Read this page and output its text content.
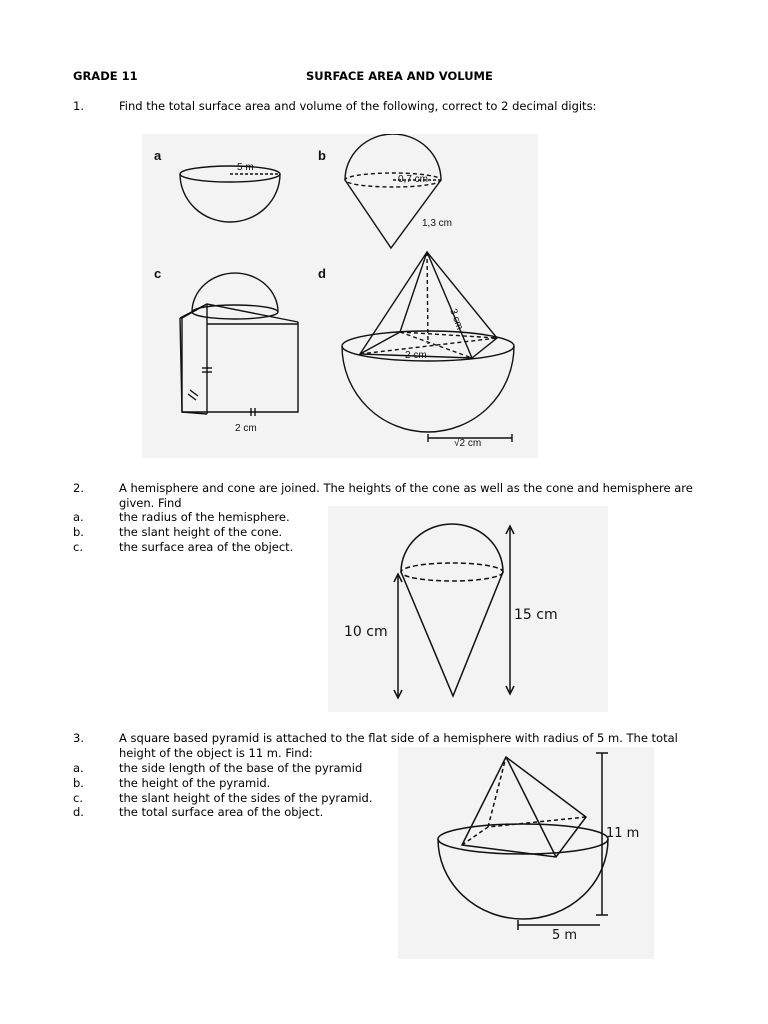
GRADE 11	SURFACE AREA AND VOLUME
1.	Find the total surface area and volume of the following, correct to 2 decimal digits:
a	b
c	d
5 m
0,7 cm
1,3 cm
2 cm
3 cm
2 cm
√2 cm
2.	A hemisphere and cone are joined. The heights of the cone as well as the cone and hemisphere are
given. Find
a.	the radius of the hemisphere.
b.	the slant height of the cone.
c.	the surface area of the object.
10 cm
15 cm
3.	A square based pyramid is attached to the flat side of a hemisphere with radius of 5 m. The total
height of the object is 11 m. Find:
a.	the side length of the base of the pyramid
b.	the height of the pyramid.
c.	the slant height of the sides of the pyramid.
d.	the total surface area of the object.
11 m
5 m
